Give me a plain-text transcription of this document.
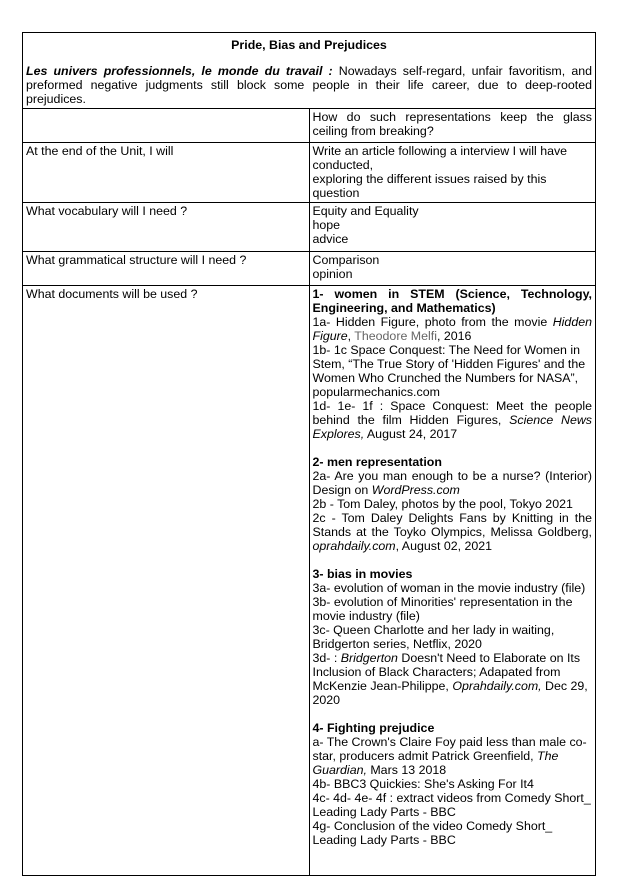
Pride, Bias and Prejudices
Les univers professionnels, le monde du travail : Nowadays self-regard, unfair favoritism, and preformed negative judgments still block some people in their life career, due to deep-rooted prejudices.	

	How do such representations keep the glass ceiling from breaking?
At the end of the Unit, I will	Write an article following a interview I will have conducted,
exploring the different issues raised by this question

What vocabulary will I need ?	Equity and Equality
hope
advice

What grammatical structure will I need ?	Comparison
opinion

What documents will be used ?	1- women in STEM (Science, Technology, Engineering, and Mathematics)
1a- Hidden Figure, photo from the movie Hidden Figure, Theodore Melfi, 2016
1b- 1c Space Conquest: The Need for Women in Stem, “The True Story of 'Hidden Figures' and the Women Who Crunched the Numbers for NASA”, popularmechanics.com
1d- 1e- 1f : Space Conquest: Meet the people behind the film Hidden Figures, Science News Explores, August 24, 2017
2- men representation
2a- Are you man enough to be a nurse? (Interior) Design on WordPress.com
2b - Tom Daley, photos by the pool, Tokyo 2021
2c - Tom Daley Delights Fans by Knitting in the Stands at the Toyko Olympics, Melissa Goldberg, oprahdaily.com, August 02, 2021
3- bias in movies
3a- evolution of woman in the movie industry (file)
3b- evolution of Minorities' representation in the movie industry (file)
3c- Queen Charlotte and her lady in waiting, Bridgerton series, Netflix, 2020
3d- : Bridgerton Doesn't Need to Elaborate on Its Inclusion of Black Characters; Adapated from McKenzie Jean-Philippe, Oprahdaily.com, Dec 29, 2020
4- Fighting prejudice
a- The Crown's Claire Foy paid less than male co-star, producers admit Patrick Greenfield, The Guardian, Mars 13 2018
4b- BBC3 Quickies: She's Asking For It4
4c- 4d- 4e- 4f : extract videos from Comedy Short_ Leading Lady Parts - BBC
4g- Conclusion of the video Comedy Short_ Leading Lady Parts - BBC
